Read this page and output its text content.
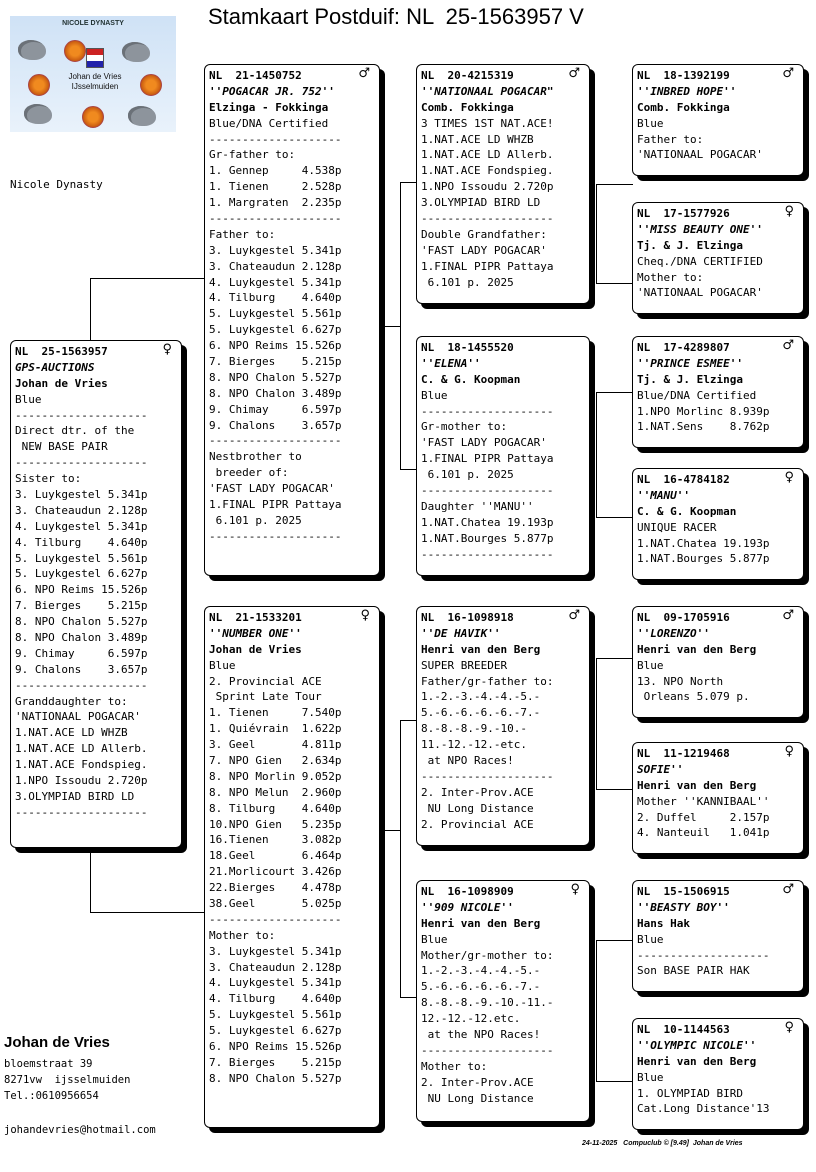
Stamkaart Postduif: NL  25-1563957 V
NICOLE DYNASTY
Johan de Vries
IJsselmuiden
Nicole Dynasty
NL  25-1563957	♀
GPS-AUCTIONS
Johan de Vries
Blue
--------------------
Direct dtr. of the
NEW BASE PAIR
--------------------
Sister to:
3. Luykgestel 5.341p
3. Chateaudun 2.128p
4. Luykgestel 5.341p
4. Tilburg    4.640p
5. Luykgestel 5.561p
5. Luykgestel 6.627p
6. NPO Reims 15.526p
7. Bierges    5.215p
8. NPO Chalon 5.527p
8. NPO Chalon 3.489p
9. Chimay     6.597p
9. Chalons    3.657p
--------------------
Granddaughter to:
'NATIONAAL POGACAR'
1.NAT.ACE LD WHZB
1.NAT.ACE LD Allerb.
1.NAT.ACE Fondspieg.
1.NPO Issoudu 2.720p
3.OLYMPIAD BIRD LD
--------------------
NL  21-1450752	♂
''POGACAR JR. 752''
Elzinga - Fokkinga
Blue/DNA Certified
--------------------
Gr-father to:
1. Gennep     4.538p
1. Tienen     2.528p
1. Margraten  2.235p
--------------------
Father to:
3. Luykgestel 5.341p
3. Chateaudun 2.128p
4. Luykgestel 5.341p
4. Tilburg    4.640p
5. Luykgestel 5.561p
5. Luykgestel 6.627p
6. NPO Reims 15.526p
7. Bierges    5.215p
8. NPO Chalon 5.527p
8. NPO Chalon 3.489p
9. Chimay     6.597p
9. Chalons    3.657p
--------------------
Nestbrother to
breeder of:
'FAST LADY POGACAR'
1.FINAL PIPR Pattaya
6.101 p. 2025
--------------------
NL  21-1533201	♀
''NUMBER ONE''
Johan de Vries
Blue
2. Provincial ACE
Sprint Late Tour
1. Tienen     7.540p
1. Quiévrain  1.622p
3. Geel       4.811p
7. NPO Gien   2.634p
8. NPO Morlin 9.052p
8. NPO Melun  2.960p
8. Tilburg    4.640p
10.NPO Gien   5.235p
16.Tienen     3.082p
18.Geel       6.464p
21.Morlicourt 3.426p
22.Bierges    4.478p
38.Geel       5.025p
--------------------
Mother to:
3. Luykgestel 5.341p
3. Chateaudun 2.128p
4. Luykgestel 5.341p
4. Tilburg    4.640p
5. Luykgestel 5.561p
5. Luykgestel 6.627p
6. NPO Reims 15.526p
7. Bierges    5.215p
8. NPO Chalon 5.527p
NL  20-4215319	♂
''NATIONAAL POGACAR"
Comb. Fokkinga
3 TIMES 1ST NAT.ACE!
1.NAT.ACE LD WHZB
1.NAT.ACE LD Allerb.
1.NAT.ACE Fondspieg.
1.NPO Issoudu 2.720p
3.OLYMPIAD BIRD LD
--------------------
Double Grandfather:
'FAST LADY POGACAR'
1.FINAL PIPR Pattaya
6.101 p. 2025
NL  18-1455520
''ELENA''
C. & G. Koopman
Blue
--------------------
Gr-mother to:
'FAST LADY POGACAR'
1.FINAL PIPR Pattaya
6.101 p. 2025
--------------------
Daughter ''MANU''
1.NAT.Chatea 19.193p
1.NAT.Bourges 5.877p
--------------------
NL  16-1098918	♂
''DE HAVIK''
Henri van den Berg
SUPER BREEDER
Father/gr-father to:
1.-2.-3.-4.-4.-5.-
5.-6.-6.-6.-6.-7.-
8.-8.-8.-9.-10.-
11.-12.-12.-etc.
at NPO Races!
--------------------
2. Inter-Prov.ACE
NU Long Distance
2. Provincial ACE
NL  16-1098909	♀
''909 NICOLE''
Henri van den Berg
Blue
Mother/gr-mother to:
1.-2.-3.-4.-4.-5.-
5.-6.-6.-6.-6.-7.-
8.-8.-8.-9.-10.-11.-
12.-12.-12.etc.
at the NPO Races!
--------------------
Mother to:
2. Inter-Prov.ACE
NU Long Distance
NL  18-1392199	♂
''INBRED HOPE''
Comb. Fokkinga
Blue
Father to:
'NATIONAAL POGACAR'
NL  17-1577926	♀
''MISS BEAUTY ONE''
Tj. & J. Elzinga
Cheq./DNA CERTIFIED
Mother to:
'NATIONAAL POGACAR'
NL  17-4289807	♂
''PRINCE ESMEE''
Tj. & J. Elzinga
Blue/DNA Certified
1.NPO Morlinc 8.939p
1.NAT.Sens    8.762p
NL  16-4784182	♀
''MANU''
C. & G. Koopman
UNIQUE RACER
1.NAT.Chatea 19.193p
1.NAT.Bourges 5.877p
NL  09-1705916	♂
''LORENZO''
Henri van den Berg
Blue
13. NPO North
Orleans 5.079 p.
NL  11-1219468	♀
SOFIE''
Henri van den Berg
Mother ''KANNIBAAL''
2. Duffel     2.157p
4. Nanteuil   1.041p
NL  15-1506915	♂
''BEASTY BOY''
Hans Hak
Blue
--------------------
Son BASE PAIR HAK
NL  10-1144563	♀
''OLYMPIC NICOLE''
Henri van den Berg
Blue
1. OLYMPIAD BIRD
Cat.Long Distance'13
Johan de Vries
bloemstraat 39
8271vw  ijsselmuiden
Tel.:0610956654
johandevries@hotmail.com
24-11-2025 Compuclub © [9.49] Johan de Vries
